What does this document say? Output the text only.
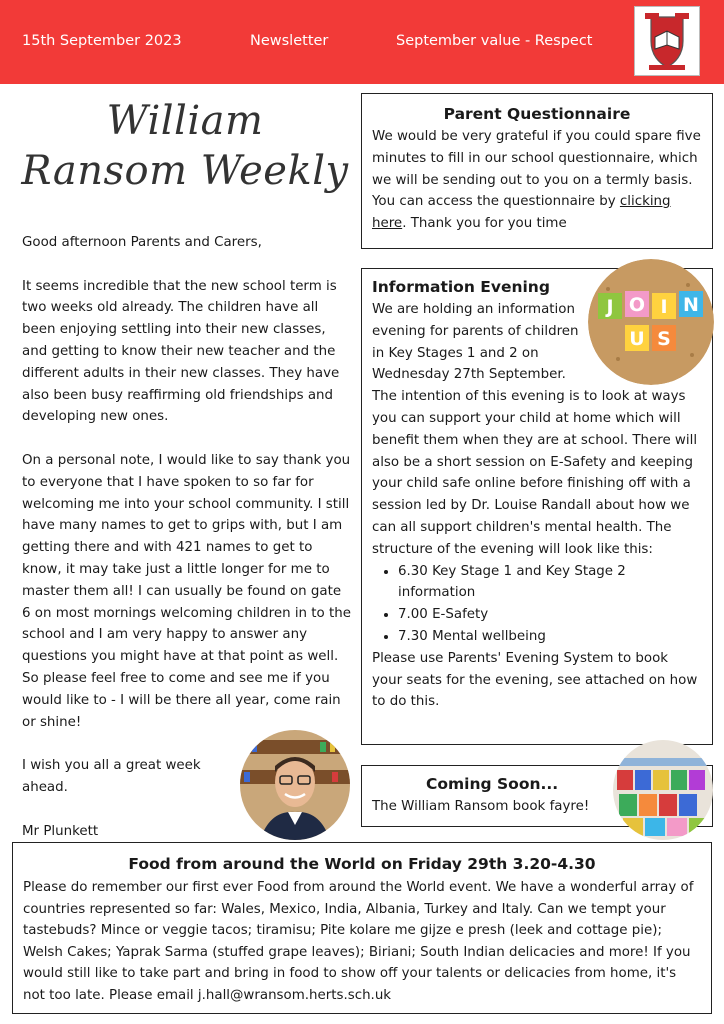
15th September 2023	Newsletter	September value - Respect
William Ransom Weekly

Good afternoon Parents and Carers,

It seems incredible that the new school term is two weeks old already. The children have all been enjoying settling into their new classes, and getting to know their new teacher and the different adults in their new classes. They have also been busy reaffirming old friendships and developing new ones.

On a personal note, I would like to say thank you to everyone that I have spoken to so far for welcoming me into your school community. I still have many names to get to grips with, but I am getting there and with 421 names to get to know, it may take just a little longer for me to master them all! I can usually be found on gate 6 on most mornings welcoming children in to the school and I am very happy to answer any questions you might have at that point as well. So please feel free to come and see me if you would like to - I will be there all year, come rain or shine!

I wish you all a great week ahead.

Mr Plunkett

Parent Questionnaire
We would be very grateful if you could spare five minutes to fill in our school questionnaire, which we will be sending out to you on a termly basis. You can access the questionnaire by clicking here. Thank you for you time
Information Evening
We are holding an information evening for parents of children in Key Stages 1 and 2 on Wednesday 27th September.
The intention of this evening is to look at ways you can support your child at home which will benefit them when they are at school. There will also be a short session on E-Safety and keeping your child safe online before finishing off with a session led by Dr. Louise Randall about how we can all support children's mental health. The structure of the evening will look like this:
• 6.30 Key Stage 1 and Key Stage 2 information
• 7.00 E-Safety
• 7.30 Mental wellbeing
Please use Parents' Evening System to book your seats for the evening, see attached on how to do this.
J O I N
U S
Coming Soon...
The William Ransom book fayre!
Food from around the World on Friday 29th 3.20-4.30
Please do remember our first ever Food from around the World event. We have a wonderful array of countries represented so far: Wales, Mexico, India, Albania, Turkey and Italy. Can we tempt your tastebuds? Mince or veggie tacos; tiramisu; Pite kolare me gijze e presh (leek and cottage pie); Welsh Cakes; Yaprak Sarma (stuffed grape leaves); Biriani; South Indian delicacies and more! If you would still like to take part and bring in food to show off your talents or delicacies from home, it's not too late. Please email j.hall@wransom.herts.sch.uk
